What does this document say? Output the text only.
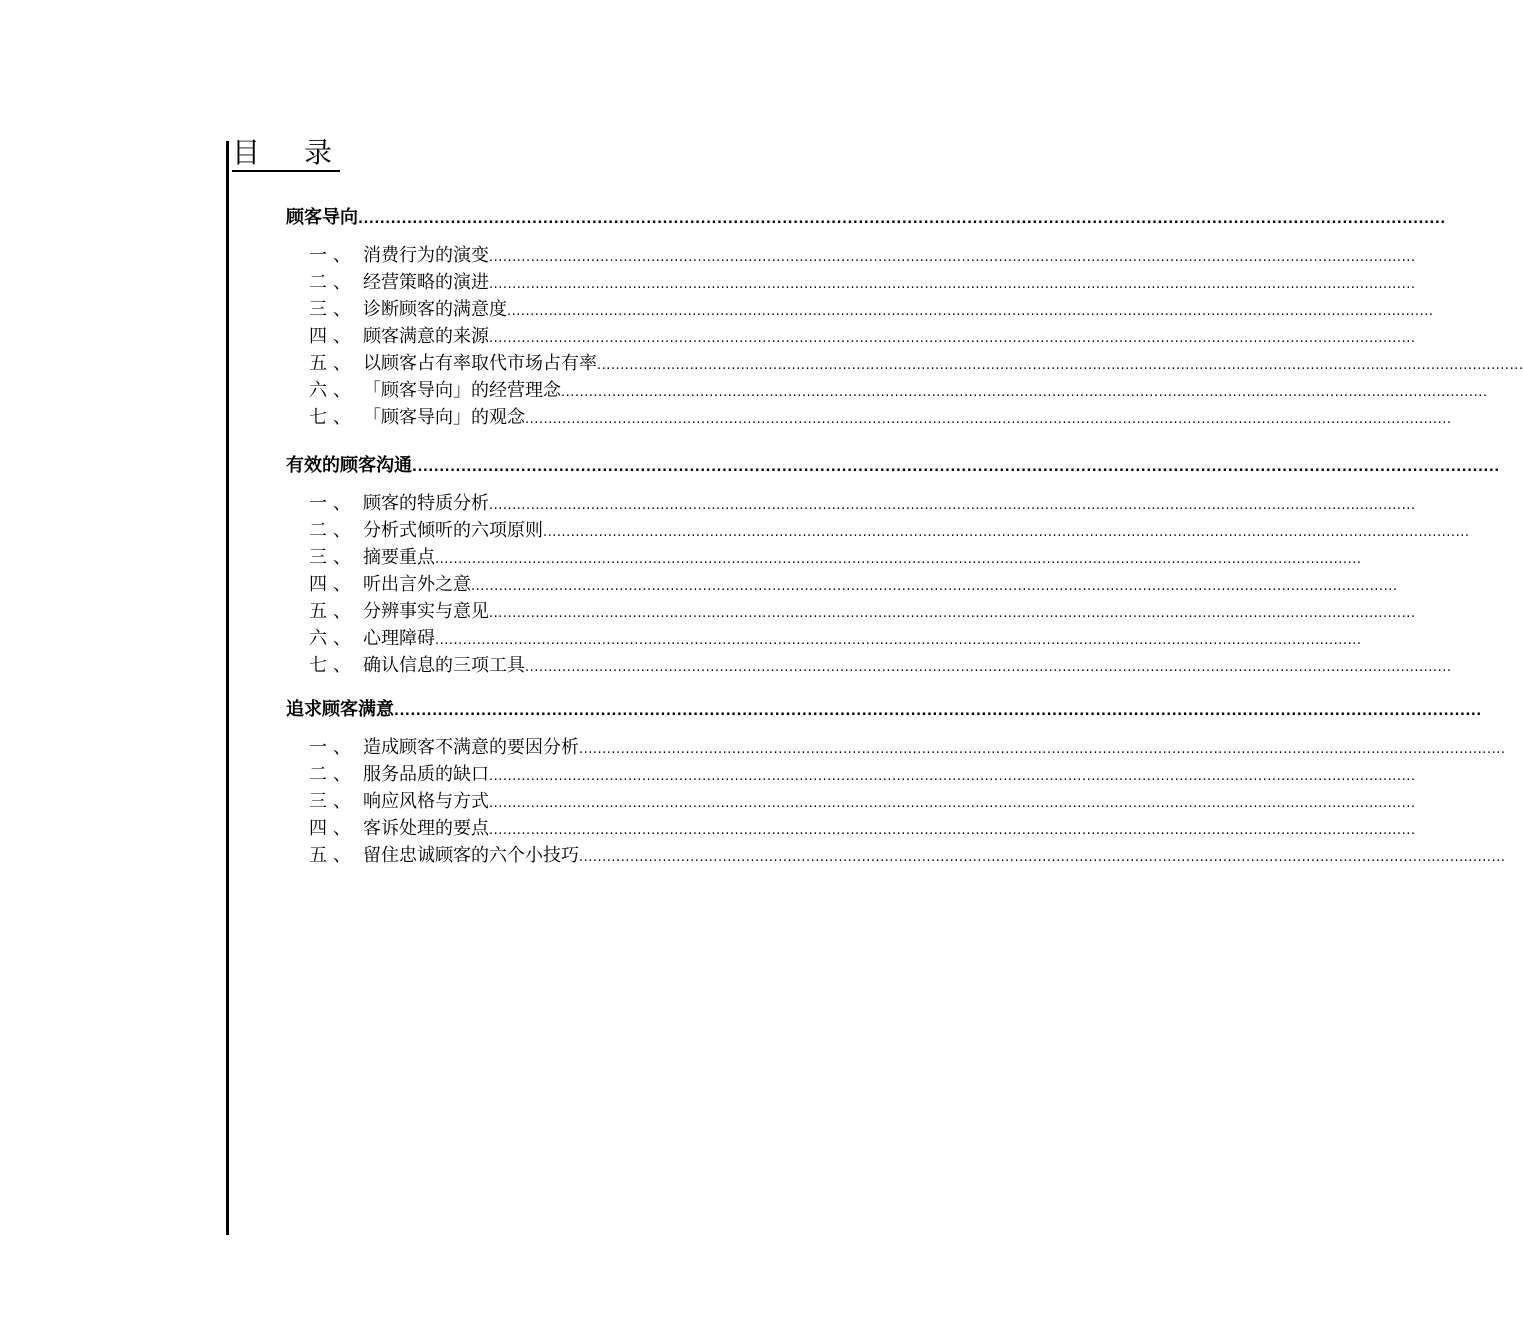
目　录
顾客导向 ........................................................................................................................................................................................................
一 、 消费行为的演变 ........................................................................................................................................................................................................
二 、 经营策略的演进 ........................................................................................................................................................................................................
三 、 诊断顾客的满意度 ........................................................................................................................................................................................................
四 、 顾客满意的来源 ........................................................................................................................................................................................................
五 、 以顾客占有率取代市场占有率 ........................................................................................................................................................................................................
六 、 「顾客导向」的经营理念 ........................................................................................................................................................................................................
七 、 「顾客导向」的观念 ........................................................................................................................................................................................................
有效的顾客沟通 ........................................................................................................................................................................................................
一 、 顾客的特质分析 ........................................................................................................................................................................................................
二 、 分析式倾听的六项原则 ........................................................................................................................................................................................................
三 、 摘要重点 ........................................................................................................................................................................................................
四 、 听出言外之意 ........................................................................................................................................................................................................
五 、 分辨事实与意见 ........................................................................................................................................................................................................
六 、 心理障碍 ........................................................................................................................................................................................................
七 、 确认信息的三项工具 ........................................................................................................................................................................................................
追求顾客满意 ........................................................................................................................................................................................................
一 、 造成顾客不满意的要因分析 ........................................................................................................................................................................................................
二 、 服务品质的缺口 ........................................................................................................................................................................................................
三 、 响应风格与方式 ........................................................................................................................................................................................................
四 、 客诉处理的要点 ........................................................................................................................................................................................................
五 、 留住忠诚顾客的六个小技巧 ........................................................................................................................................................................................................
